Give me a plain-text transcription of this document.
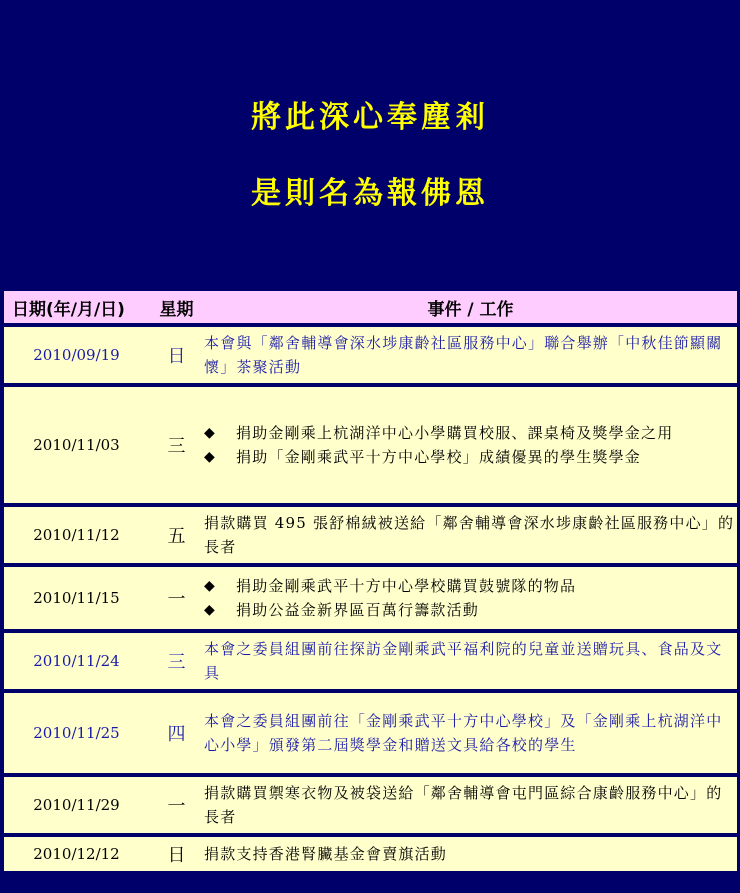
將此深心奉塵剎
是則名為報佛恩
日期(年/月/日)	星期	事件 / 工作
2010/09/19	日	本會與「鄰舍輔導會深水埗康齡社區服務中心」聯合舉辦「中秋佳節顯關懷」茶聚活動
2010/11/03	三	◆ 捐助金剛乘上杭湖洋中心小學購買校服、課桌椅及獎學金之用
◆ 捐助「金剛乘武平十方中心學校」成績優異的學生獎學金

2010/11/12	五	捐款購買 495 張舒棉絨被送給「鄰舍輔導會深水埗康齡社區服務中心」的長者
2010/11/15	一	◆ 捐助金剛乘武平十方中心學校購買鼓號隊的物品
◆ 捐助公益金新界區百萬行籌款活動

2010/11/24	三	本會之委員組團前往探訪金剛乘武平福利院的兒童並送贈玩具、食品及文具
2010/11/25	四	本會之委員組團前往「金剛乘武平十方中心學校」及「金剛乘上杭湖洋中心小學」頒發第二屆獎學金和贈送文具給各校的學生
2010/11/29	一	捐款購買禦寒衣物及被袋送給「鄰舍輔導會屯門區綜合康齡服務中心」的長者
2010/12/12	日	捐款支持香港腎臟基金會賣旗活動
